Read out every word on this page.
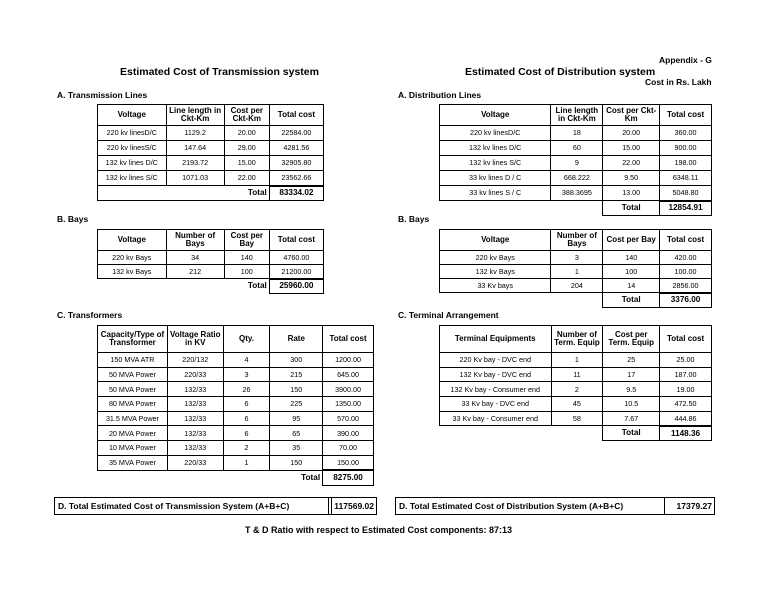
Appendix - G
Cost in Rs. Lakh
Estimated Cost of Transmission system	Estimated Cost of Distribution system
A. Transmission Lines
Voltage	Line length in Ckt-Km	Cost per Ckt-Km	Total cost
220 kv linesD/C	1129.2	20.00	22584.00
220 kv linesS/C	147.64	29.00	4281.56
132 kv lines D/C	2193.72	15.00	32905.80
132 kv lines S/C	1071.03	22.00	23562.66
Total			83334.02
B. Bays
Voltage	Number of Bays	Cost per Bay	Total cost
220 kv Bays	34	140	4760.00
132 kv Bays	212	100	21200.00
Total			25960.00
C. Transformers
Capacity/Type of Transformer	Voltage Ratio in KV	Qty.	Rate	Total cost
150 MVA ATR	220/132	4	300	1200.00
50 MVA Power	220/33	3	215	645.00
50 MVA Power	132/33	26	150	3900.00
80 MVA Power	132/33	6	225	1350.00
31.5 MVA Power	132/33	6	95	570.00
20 MVA Power	132/33	6	65	390.00
10 MVA Power	132/33	2	35	70.00
35 MVA Power	220/33	1	150	150.00
Total				8275.00
D. Total Estimated Cost of Transmission System (A+B+C)	117569.02
A. Distribution Lines
Voltage	Line length in Ckt-Km	Cost per Ckt-Km	Total cost
220 kv linesD/C	18	20.00	360.00
132 kv lines D/C	60	15.00	900.00
132 kv lines S/C	9	22.00	198.00
33 kv lines D / C	668.222	9.50	6348.11
33 kv lines S / C	388.3695	13.00	5048.80
		Total	12854.91
B. Bays
Voltage	Number of Bays	Cost per Bay	Total cost
220 kv Bays	3	140	420.00
132 kv Bays	1	100	100.00
33 Kv bays	204	14	2856.00
		Total	3376.00
C. Terminal Arrangement
Terminal Equipments	Number of Term. Equip	Cost per Term. Equip	Total cost
220 Kv bay - DVC end	1	25	25.00
132 Kv bay - DVC end	11	17	187.00
132 Kv bay - Consumer end	2	9.5	19.00
33 Kv bay - DVC end	45	10.5	472.50
33 Kv bay - Consumer end	58	7.67	444.86
		Total	1148.36
D. Total Estimated Cost of Distribution System (A+B+C)	17379.27
T & D Ratio with respect to Estimated Cost components: 87:13
